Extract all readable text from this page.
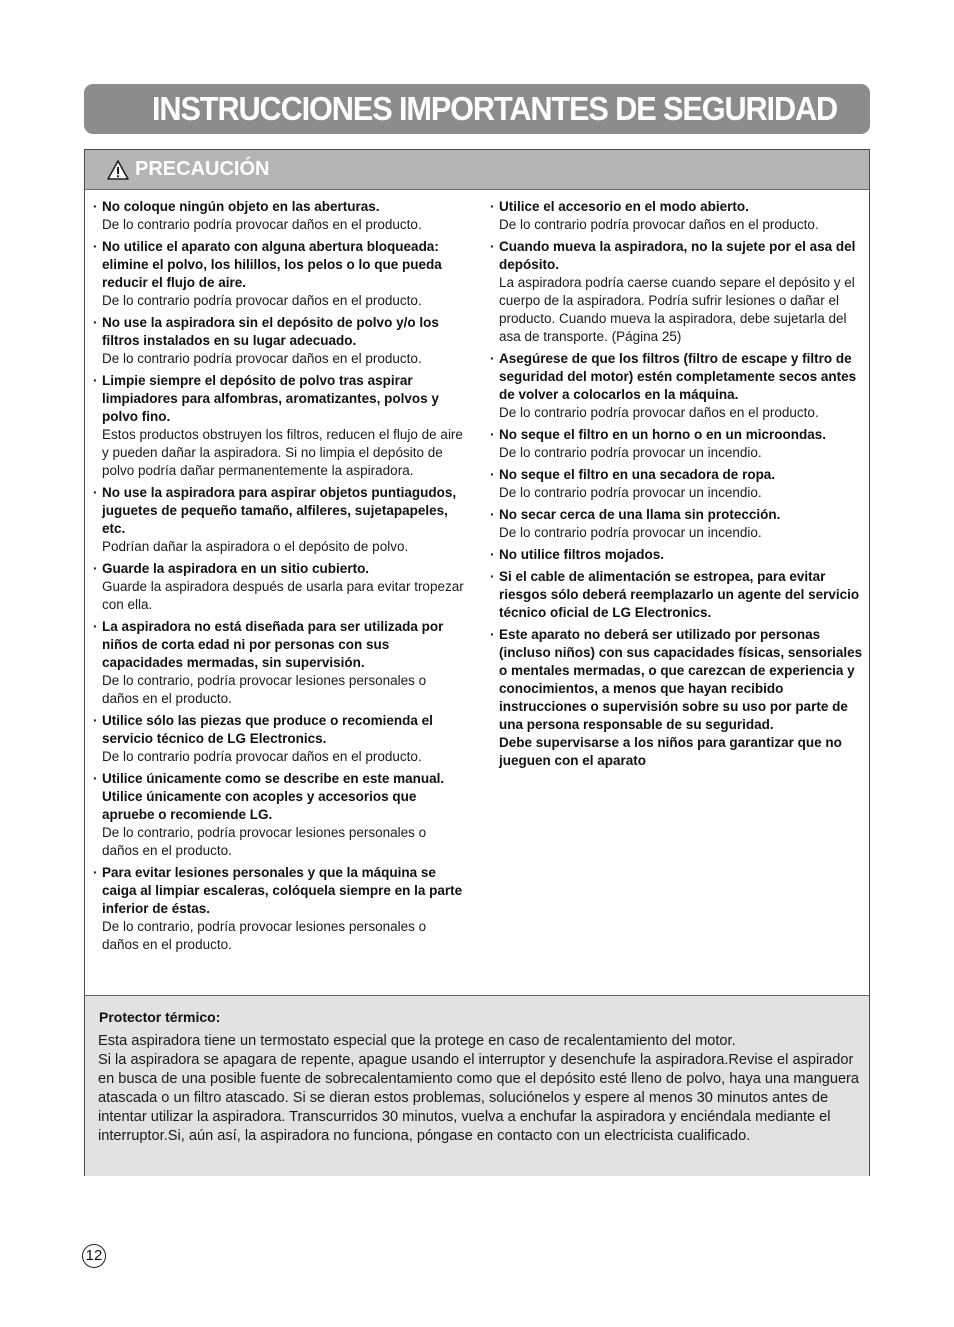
INSTRUCCIONES IMPORTANTES DE SEGURIDAD
PRECAUCIÓN
· No coloque ningún objeto en las aberturas.
De lo contrario podría provocar daños en el producto.
· No utilice el aparato con alguna abertura bloqueada: elimine el polvo, los hilillos, los pelos o lo que pueda reducir el flujo de aire.
De lo contrario podría provocar daños en el producto.
· No use la aspiradora sin el depósito de polvo y/o los filtros instalados en su lugar adecuado.
De lo contrario podría provocar daños en el producto.
· Limpie siempre el depósito de polvo tras aspirar limpiadores para alfombras, aromatizantes, polvos y polvo fino.
Estos productos obstruyen los filtros, reducen el flujo de aire y pueden dañar la aspiradora. Si no limpia el depósito de polvo podría dañar permanentemente la aspiradora.
· No use la aspiradora para aspirar objetos puntiagudos, juguetes de pequeño tamaño, alfileres, sujetapapeles, etc.
Podrían dañar la aspiradora o el depósito de polvo.
· Guarde la aspiradora en un sitio cubierto.
Guarde la aspiradora después de usarla para evitar tropezar con ella.
· La aspiradora no está diseñada para ser utilizada por niños de corta edad ni por personas con sus capacidades mermadas, sin supervisión.
De lo contrario, podría provocar lesiones personales o daños en el producto.
· Utilice sólo las piezas que produce o recomienda el servicio técnico de LG Electronics.
De lo contrario podría provocar daños en el producto.
· Utilice únicamente como se describe en este manual. Utilice únicamente con acoples y accesorios que apruebe o recomiende LG.
De lo contrario, podría provocar lesiones personales o daños en el producto.
· Para evitar lesiones personales y que la máquina se caiga al limpiar escaleras, colóquela siempre en la parte inferior de éstas.
De lo contrario, podría provocar lesiones personales o daños en el producto.
· Utilice el accesorio en el modo abierto.
De lo contrario podría provocar daños en el producto.
· Cuando mueva la aspiradora, no la sujete por el asa del depósito.
La aspiradora podría caerse cuando separe el depósito y el cuerpo de la aspiradora. Podría sufrir lesiones o dañar el producto. Cuando mueva la aspiradora, debe sujetarla del asa de transporte. (Página 25)
· Asegúrese de que los filtros (filtro de escape y filtro de seguridad del motor) estén completamente secos antes de volver a colocarlos en la máquina.
De lo contrario podría provocar daños en el producto.
· No seque el filtro en un horno o en un microondas.
De lo contrario podría provocar un incendio.
· No seque el filtro en una secadora de ropa.
De lo contrario podría provocar un incendio.
· No secar cerca de una llama sin protección.
De lo contrario podría provocar un incendio.
· No utilice filtros mojados.
· Si el cable de alimentación se estropea, para evitar riesgos sólo deberá reemplazarlo un agente del servicio técnico oficial de LG Electronics.
· Este aparato no deberá ser utilizado por personas (incluso niños) con sus capacidades físicas, sensoriales o mentales mermadas, o que carezcan de experiencia y conocimientos, a menos que hayan recibido instrucciones o supervisión sobre su uso por parte de una persona responsable de su seguridad.
Debe supervisarse a los niños para garantizar que no jueguen con el aparato
Protector térmico:
Esta aspiradora tiene un termostato especial que la protege en caso de recalentamiento del motor.
Si la aspiradora se apagara de repente, apague usando el interruptor y desenchufe la aspiradora.Revise el aspirador en busca de una posible fuente de sobrecalentamiento como que el depósito esté lleno de polvo, haya una manguera atascada o un filtro atascado. Si se dieran estos problemas, soluciónelos y espere al menos 30 minutos antes de intentar utilizar la aspiradora. Transcurridos 30 minutos, vuelva a enchufar la aspiradora y enciéndala mediante el interruptor.Si, aún así, la aspiradora no funciona, póngase en contacto con un electricista cualificado.
12
